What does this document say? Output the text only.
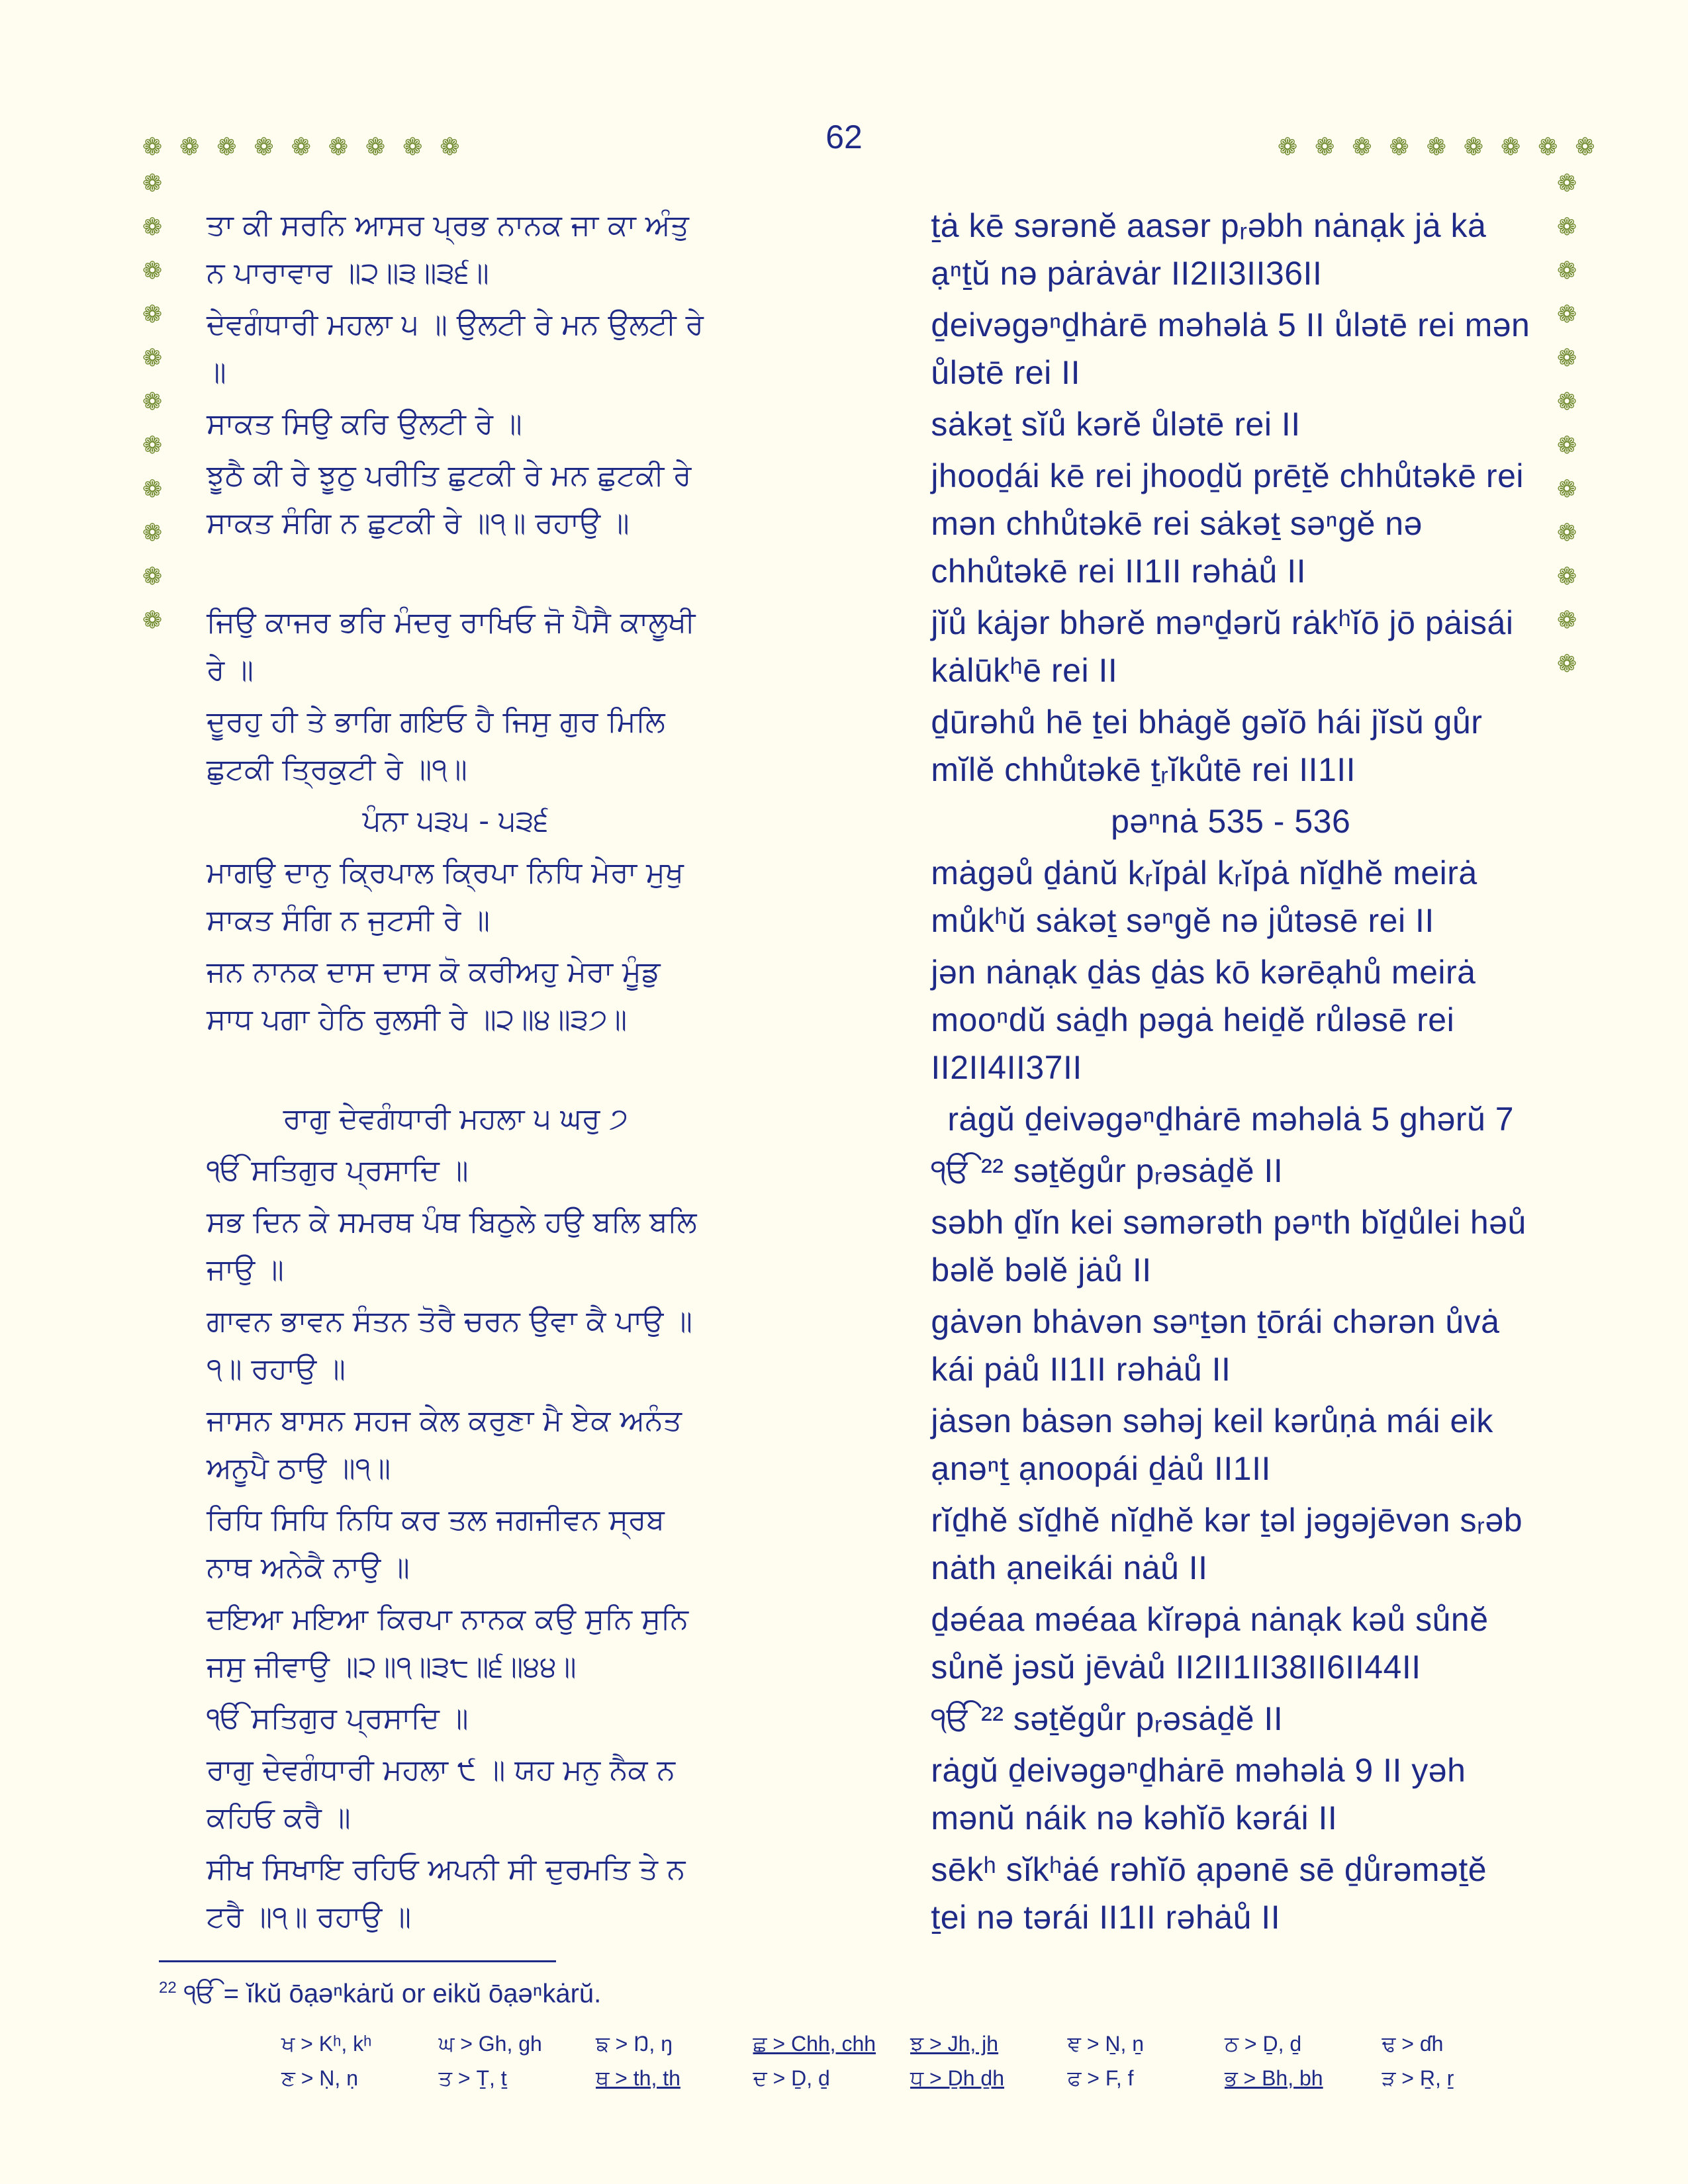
62
❁ ❁ ❁ ❁ ❁ ❁ ❁ ❁ ❁	❁ ❁ ❁ ❁ ❁ ❁ ❁ ❁ ❁
❁
❁
❁
❁
❁
❁
❁
❁
❁
❁
❁
❁
❁
❁
❁
❁
❁
❁
❁
❁
❁
❁
❁
ਤਾ ਕੀ ਸਰਨਿ ਆਸਰ ਪ੍ਰਭ ਨਾਨਕ ਜਾ ਕਾ ਅੰਤੁ ਨ ਪਾਰਾਵਾਰ ॥੨॥੩॥੩੬॥
ṯȧ kē sərənĕ aasər pᵣəbh nȧnạk jȧ kȧ ạⁿṯŭ nə pȧrȧvȧr II2II3II36II
ਦੇਵਗੰਧਾਰੀ ਮਹਲਾ ੫ ॥ ਉਲਟੀ ਰੇ ਮਨ ਉਲਟੀ ਰੇ ॥
ḏeivəgəⁿḏhȧrē məhəlȧ 5 II ůlətē rei mən ůlətē rei II
ਸਾਕਤ ਸਿਉ ਕਰਿ ਉਲਟੀ ਰੇ ॥	sȧkəṯ sĭů kərĕ ůlətē rei II
ਝੂਠੈ ਕੀ ਰੇ ਝੂਠੁ ਪਰੀਤਿ ਛੁਟਕੀ ਰੇ ਮਨ ਛੁਟਕੀ ਰੇ ਸਾਕਤ ਸੰਗਿ ਨ ਛੁਟਕੀ ਰੇ ॥੧॥ ਰਹਾਉ ॥
jhooḏái kē rei jhooḏŭ prēṯĕ chhůtəkē rei mən chhůtəkē rei sȧkəṯ səⁿgĕ nə chhůtəkē rei II1II rəhȧů II
ਜਿਉ ਕਾਜਰ ਭਰਿ ਮੰਦਰੁ ਰਾਖਿਓ ਜੋ ਪੈਸੈ ਕਾਲੂਖੀ ਰੇ ॥
jĭů kȧjər bhərĕ məⁿḏərŭ rȧkʰĭō jō pȧisái kȧlūkʰē rei II
ਦੂਰਹੁ ਹੀ ਤੇ ਭਾਗਿ ਗਇਓ ਹੈ ਜਿਸੁ ਗੁਰ ਮਿਲਿ ਛੁਟਕੀ ਤ੍ਰਿਕੁਟੀ ਰੇ ॥੧॥
ḏūrəhů hē ṯei bhȧgĕ gəĭō hái jĭsŭ gůr mĭlĕ chhůtəkē ṯᵣĭkůtē rei II1II
ਪੰਨਾ ੫੩੫ - ੫੩੬	pəⁿnȧ 535 - 536
ਮਾਗਉ ਦਾਨੁ ਕ੍ਰਿਪਾਲ ਕ੍ਰਿਪਾ ਨਿਧਿ ਮੇਰਾ ਮੁਖੁ ਸਾਕਤ ਸੰਗਿ ਨ ਜੁਟਸੀ ਰੇ ॥
mȧgəů ḏȧnŭ kᵣĭpȧl kᵣĭpȧ nĭḏhĕ meirȧ můkʰŭ sȧkəṯ səⁿgĕ nə jůtəsē rei II
ਜਨ ਨਾਨਕ ਦਾਸ ਦਾਸ ਕੋ ਕਰੀਅਹੁ ਮੇਰਾ ਮੂੰਡੁ ਸਾਧ ਪਗਾ ਹੇਠਿ ਰੁਲਸੀ ਰੇ ॥੨॥੪॥੩੭॥
jən nȧnạk ḏȧs ḏȧs kō kərēạhů meirȧ mooⁿdŭ sȧḏh pəgȧ heiḏĕ růləsē rei II2II4II37II
ਰਾਗੁ ਦੇਵਗੰਧਾਰੀ ਮਹਲਾ ੫ ਘਰੁ ੭	rȧgŭ ḏeivəgəⁿḏhȧrē məhəlȧ 5 ghərŭ 7
ੴ ਸਤਿਗੁਰ ਪ੍ਰਸਾਦਿ ॥	ੴ ²² səṯĕgůr pᵣəsȧḏĕ II
ਸਭ ਦਿਨ ਕੇ ਸਮਰਥ ਪੰਥ ਬਿਠੁਲੇ ਹਉ ਬਲਿ ਬਲਿ ਜਾਉ ॥
səbh ḏĭn kei səmərəth pəⁿth bĭḏůlei həů bəlĕ bəlĕ jȧů II
ਗਾਵਨ ਭਾਵਨ ਸੰਤਨ ਤੋਰੈ ਚਰਨ ਉਵਾ ਕੈ ਪਾਉ ॥੧॥ ਰਹਾਉ ॥
gȧvən bhȧvən səⁿṯən ṯōrái chərən ůvȧ kái pȧů II1II rəhȧů II
ਜਾਸਨ ਬਾਸਨ ਸਹਜ ਕੇਲ ਕਰੁਣਾ ਮੈ ਏਕ ਅਨੰਤ ਅਨੂਪੈ ਠਾਉ ॥੧॥
jȧsən bȧsən səhəj keil kərůṇȧ mái eik ạnəⁿṯ ạnoopái ḏȧů II1II
ਰਿਧਿ ਸਿਧਿ ਨਿਧਿ ਕਰ ਤਲ ਜਗਜੀਵਨ ਸ੍ਰਬ ਨਾਥ ਅਨੇਕੈ ਨਾਉ ॥
rĭḏhĕ sĭḏhĕ nĭḏhĕ kər ṯəl jəgəjēvən sᵣəb nȧth ạneikái nȧů II
ਦਇਆ ਮਇਆ ਕਿਰਪਾ ਨਾਨਕ ਕਉ ਸੁਨਿ ਸੁਨਿ ਜਸੁ ਜੀਵਾਉ ॥੨॥੧॥੩੮॥੬॥੪੪॥
ḏəéaa məéaa kĭrəpȧ nȧnạk kəů sůnĕ sůnĕ jəsŭ jēvȧů II2II1II38II6II44II
ੴ ਸਤਿਗੁਰ ਪ੍ਰਸਾਦਿ ॥	ੴ ²² səṯĕgůr pᵣəsȧḏĕ II
ਰਾਗੁ ਦੇਵਗੰਧਾਰੀ ਮਹਲਾ ੯ ॥ ਯਹ ਮਨੁ ਨੈਕ ਨ ਕਹਿਓ ਕਰੈ ॥
rȧgŭ ḏeivəgəⁿḏhȧrē məhəlȧ 9 II yəh mənŭ náik nə kəhĭō kərái II
ਸੀਖ ਸਿਖਾਇ ਰਹਿਓ ਅਪਨੀ ਸੀ ਦੁਰਮਤਿ ਤੇ ਨ ਟਰੈ ॥੧॥ ਰਹਾਉ ॥
sēkʰ sĭkʰȧé rəhĭō ạpənē sē ḏůrəməṯĕ ṯei nə tərái II1II rəhȧů II
$^{22}$ ੴ = ĭkŭ ōạəⁿkȧrŭ or eikŭ ōạəⁿkȧrŭ.
ਖ > Kʰ, kʰ	ਘ > Gh, gh	ਙ > Ŋ, ŋ	ਛ > Chh, chh	ਝ > Jh, jh	ਞ > Ṉ, ṉ	ਠ > Ḏ, ḏ	ਢ > ɗh
ਣ > Ṇ, ṇ	ਤ > Ṯ, ṯ	ਥ > th, th	ਦ > Ḏ, ḏ	ਧ > Ḏh ḏh	ਫ > F, f	ਭ > Bh, bh	ੜ > Ṟ, ṟ
